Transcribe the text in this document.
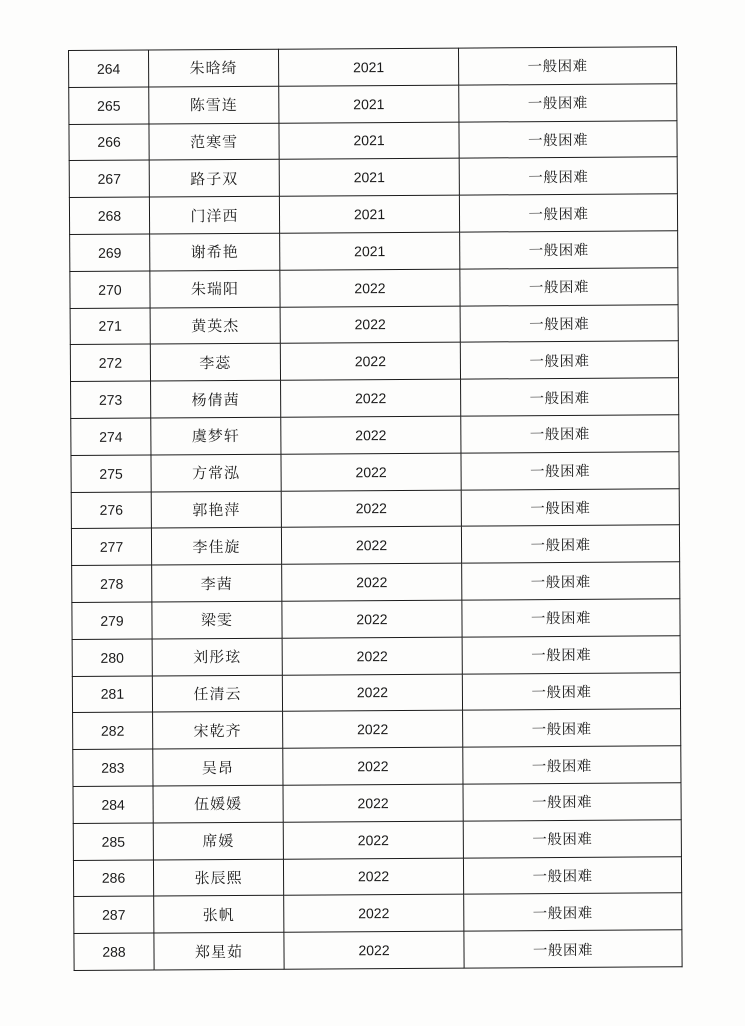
264	朱晗绮	2021	一般困难
265	陈雪连	2021	一般困难
266	范寒雪	2021	一般困难
267	路子双	2021	一般困难
268	门洋西	2021	一般困难
269	谢希艳	2021	一般困难
270	朱瑞阳	2022	一般困难
271	黄英杰	2022	一般困难
272	李蕊	2022	一般困难
273	杨倩茜	2022	一般困难
274	虞梦轩	2022	一般困难
275	方常泓	2022	一般困难
276	郭艳萍	2022	一般困难
277	李佳旋	2022	一般困难
278	李茜	2022	一般困难
279	梁雯	2022	一般困难
280	刘彤玹	2022	一般困难
281	任清云	2022	一般困难
282	宋乾齐	2022	一般困难
283	吴昂	2022	一般困难
284	伍媛媛	2022	一般困难
285	席媛	2022	一般困难
286	张辰熙	2022	一般困难
287	张帆	2022	一般困难
288	郑星茹	2022	一般困难
